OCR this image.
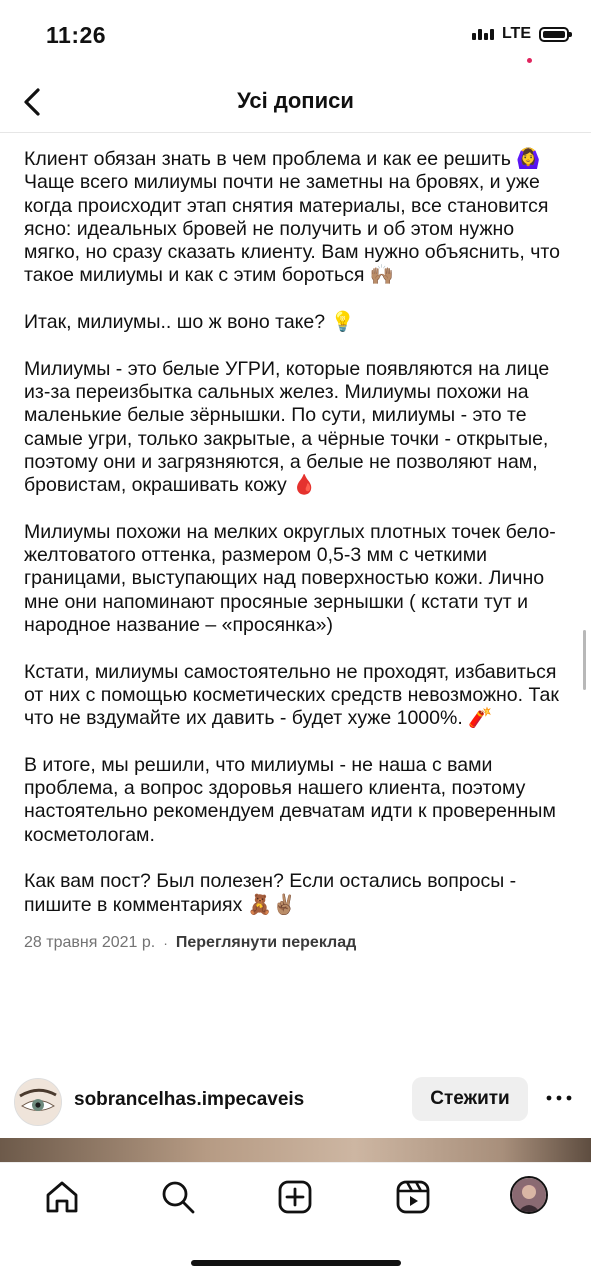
11:26	LTE
Усі дописи

Клиент обязан знать в чем проблема и как ее решить 🙆‍♀️ Чаще всего милиумы почти не заметны на бровях, и уже когда происходит этап снятия материалы, все становится ясно: идеальных бровей не получить и об этом нужно мягко, но сразу сказать клиенту. Вам нужно объяснить, что такое милиумы и как с этим бороться 🙌🏽

Итак, милиумы.. шо ж воно таке? 💡

Милиумы - это белые УГРИ, которые появляются на лице из-за переизбытка сальных желез. Милиумы похожи на маленькие белые зёрнышки. По сути, милиумы - это те самые угри, только закрытые, а чёрные точки - открытые, поэтому они и загрязняются, а белые не позволяют нам, бровистам, окрашивать кожу 🩸

Милиумы похожи на мелких округлых плотных точек бело-желтоватого оттенка, размером 0,5-3 мм с четкими границами, выступающих над поверхностью кожи. Лично мне они напоминают просяные зернышки ( кстати тут и народное название – «просянка»)

Кстати, милиумы самостоятельно не проходят, избавиться от них с помощью косметических средств невозможно. Так что не вздумайте их давить - будет хуже 1000%. 🧨

В итоге, мы решили, что милиумы - не наша с вами проблема, а вопрос здоровья нашего клиента, поэтому настоятельно рекомендуем девчатам идти к проверенным косметологам.

Как вам пост? Был полезен? Если остались вопросы - пишите в комментариях 🧸✌🏽

28 травня 2021 р. · Переглянути переклад
sobrancelhas.impecaveis	Стежити
